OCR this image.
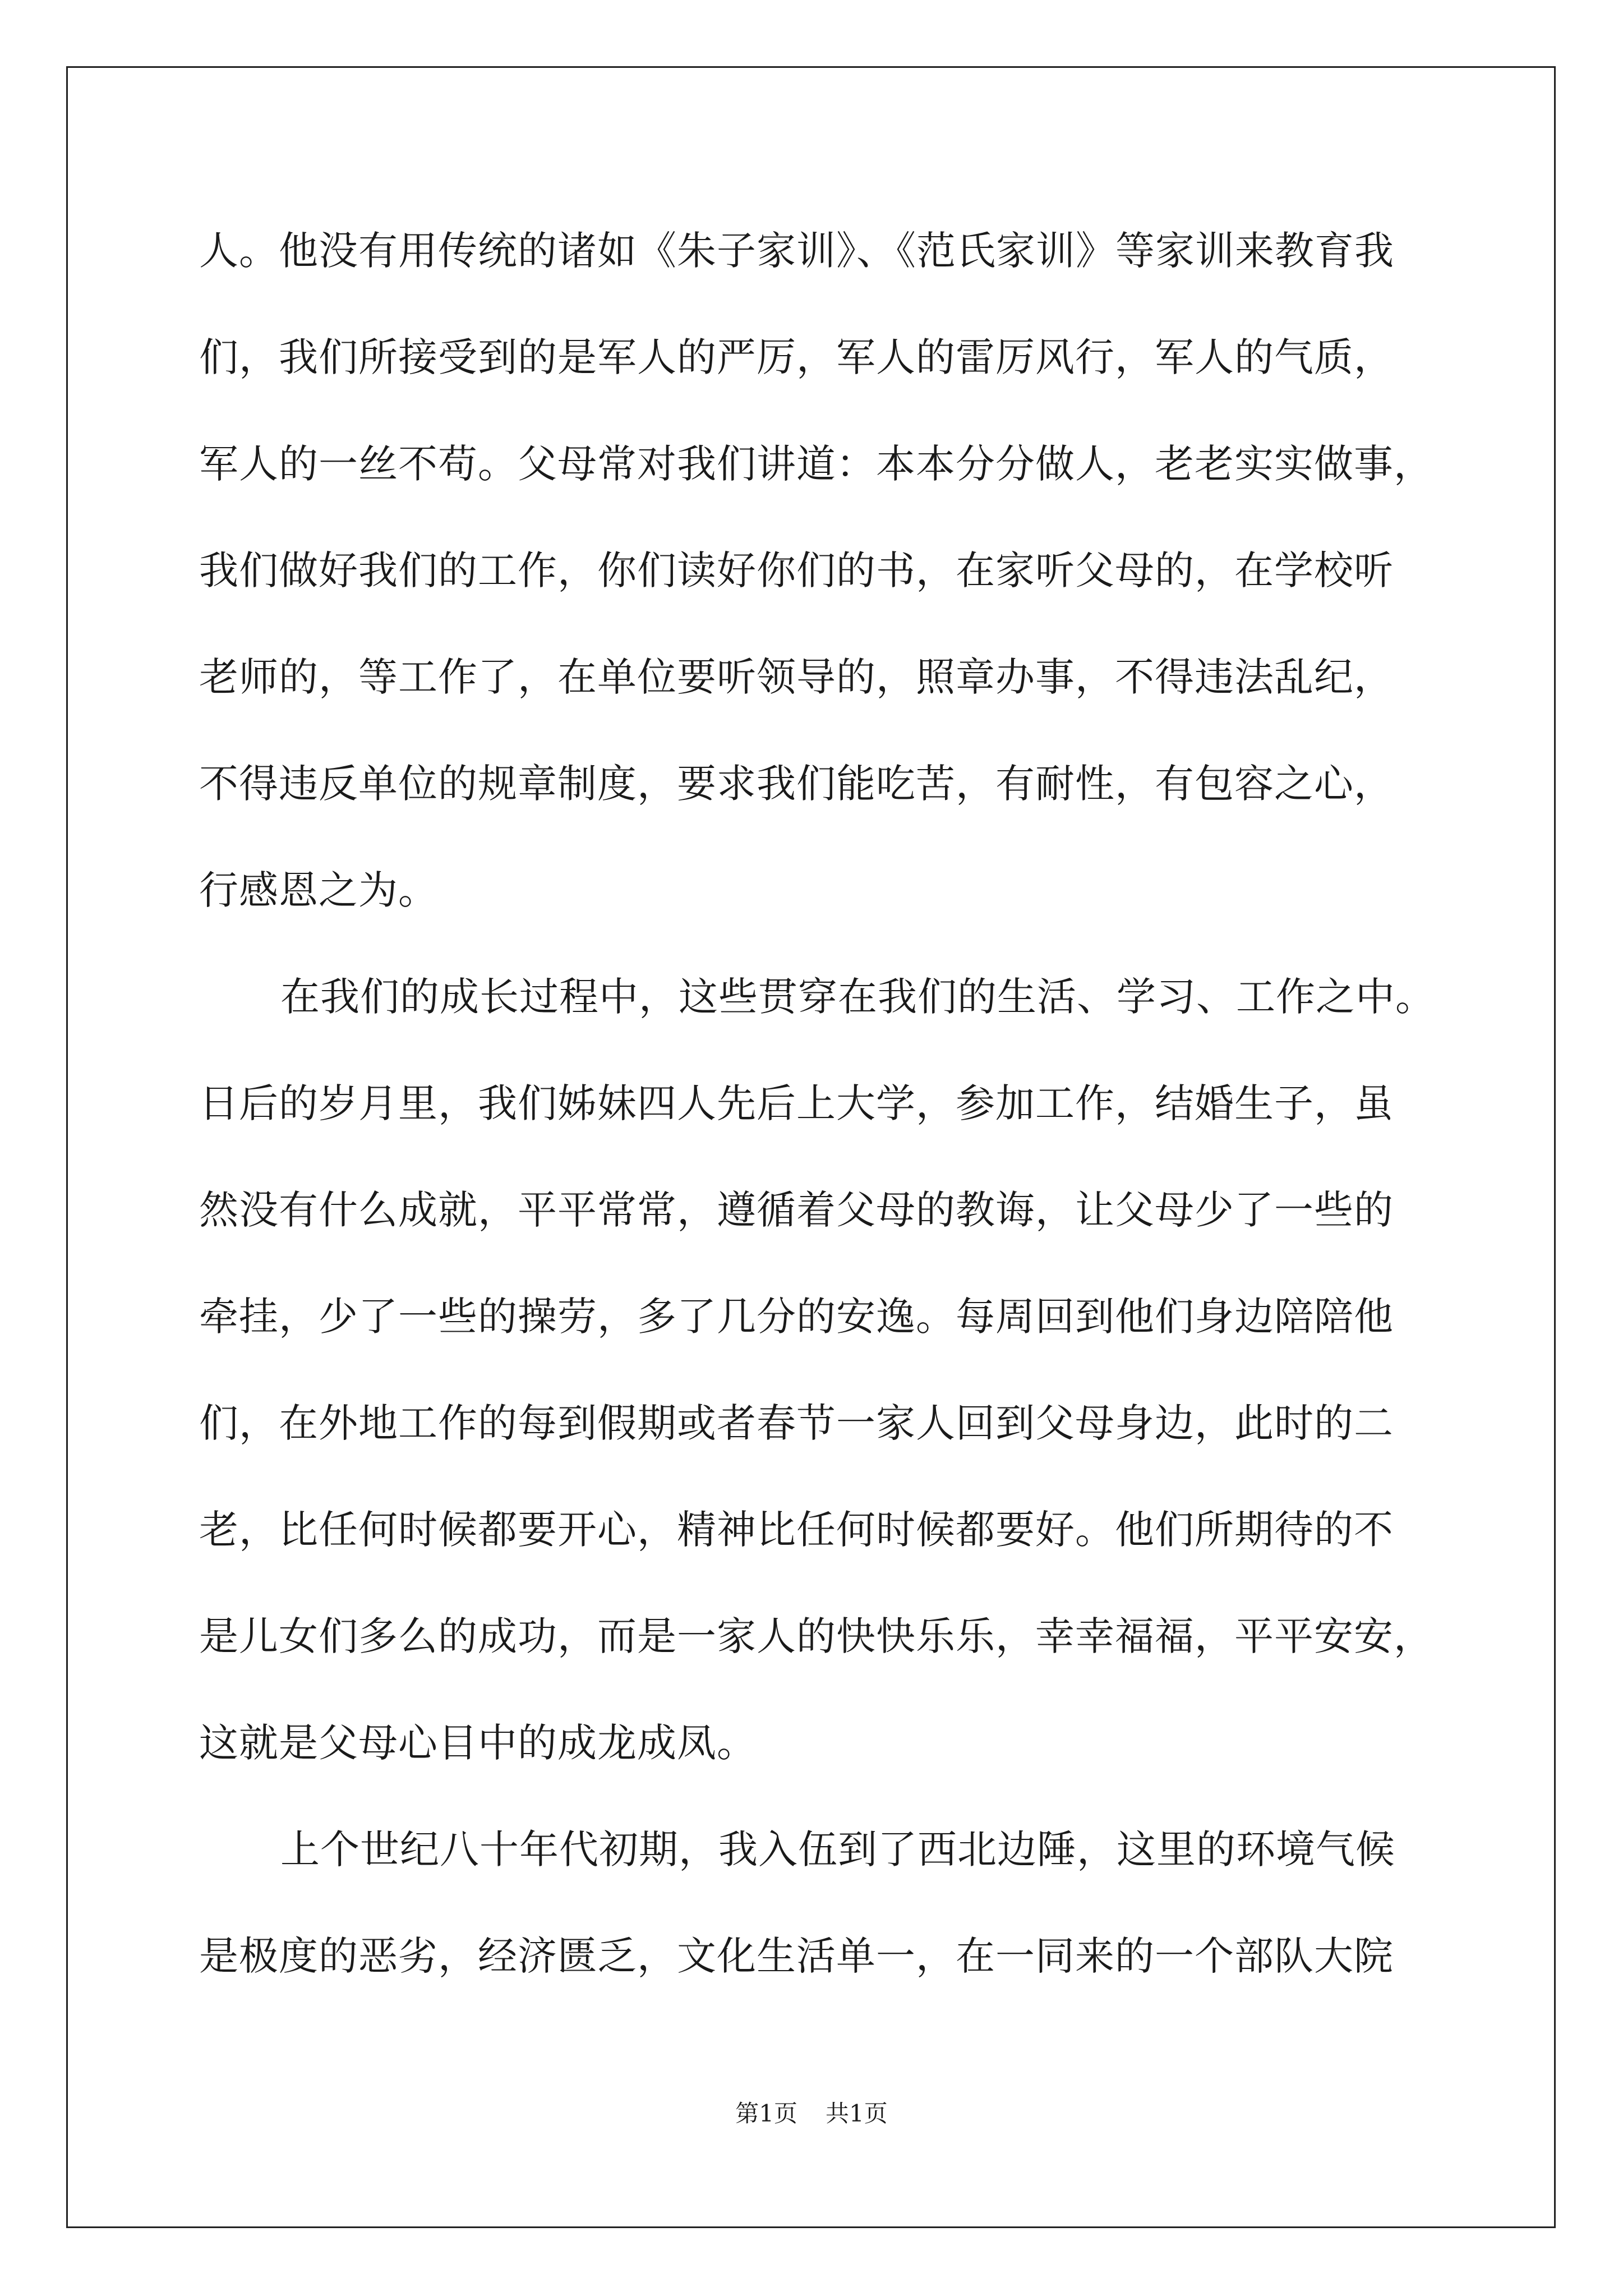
人。他没有用传统的诸如《朱子家训》、《范氏家训》等家训来教育我
们，我们所接受到的是军人的严厉，军人的雷厉风行，军人的气质，
军人的一丝不苟。父母常对我们讲道：本本分分做人，老老实实做事，
我们做好我们的工作，你们读好你们的书，在家听父母的，在学校听
老师的，等工作了，在单位要听领导的，照章办事，不得违法乱纪，
不得违反单位的规章制度，要求我们能吃苦，有耐性，有包容之心，
行感恩之为。
在我们的成长过程中，这些贯穿在我们的生活、学习、工作之中。
日后的岁月里，我们姊妹四人先后上大学，参加工作，结婚生子，虽
然没有什么成就，平平常常，遵循着父母的教诲，让父母少了一些的
牵挂，少了一些的操劳，多了几分的安逸。每周回到他们身边陪陪他
们，在外地工作的每到假期或者春节一家人回到父母身边，此时的二
老，比任何时候都要开心，精神比任何时候都要好。他们所期待的不
是儿女们多么的成功，而是一家人的快快乐乐，幸幸福福，平平安安，
这就是父母心目中的成龙成凤。
上个世纪八十年代初期，我入伍到了西北边陲，这里的环境气候
是极度的恶劣，经济匮乏，文化生活单一，在一同来的一个部队大院
第1页 共1页
